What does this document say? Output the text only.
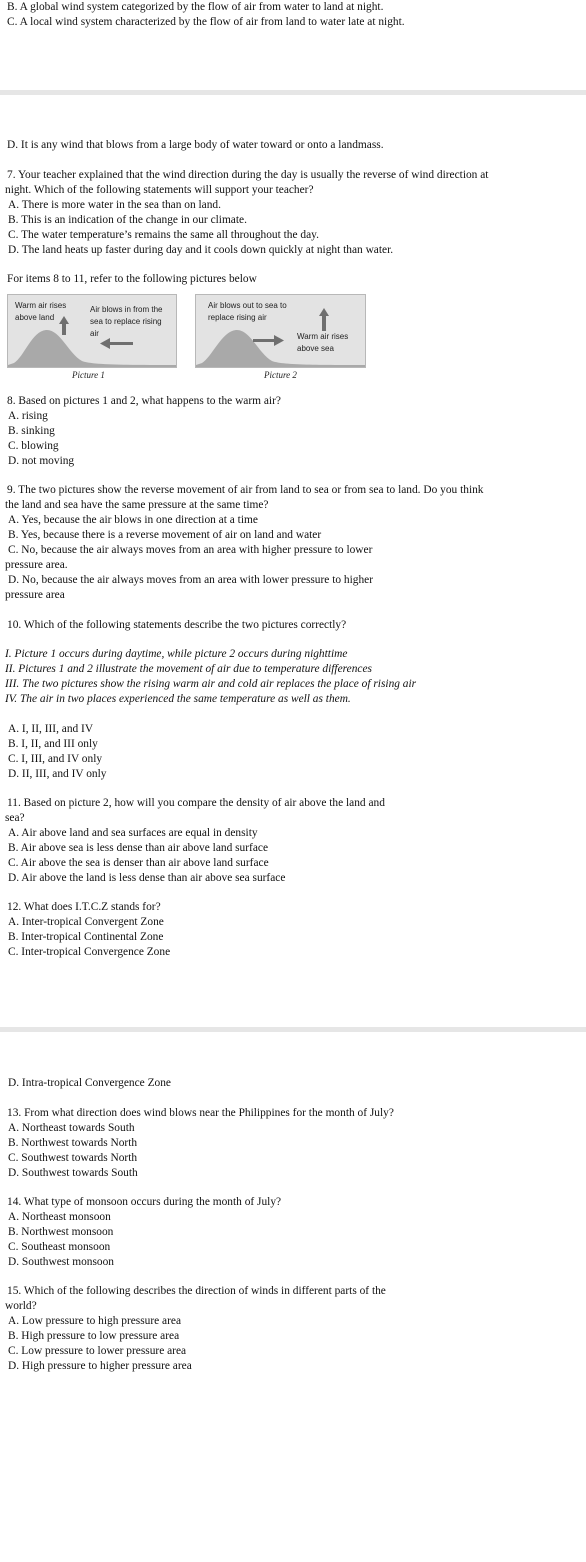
B. A global wind system categorized by the flow of air from water to land at night.
C. A local wind system characterized by the flow of air from land to water late at night.
D. It is any wind that blows from a large body of water toward or onto a landmass.
7. Your teacher explained that the wind direction during the day is usually the reverse of wind direction at
night. Which of the following statements will support your teacher?
A. There is more water in the sea than on land.
B. This is an indication of the change in our climate.
C. The water temperature’s remains the same all throughout the day.
D. The land heats up faster during day and it cools down quickly at night than water.
For items 8 to 11, refer to the following pictures below
Warm air rises above land
Air blows in from the sea to replace rising air
Picture 1
Air blows out to sea to replace rising air
Warm air rises above sea
Picture 2
8. Based on pictures 1 and 2, what happens to the warm air?
A. rising
B. sinking
C. blowing
D. not moving
9. The two pictures show the reverse movement of air from land to sea or from sea to land. Do you think
the land and sea have the same pressure at the same time?
A. Yes, because the air blows in one direction at a time
B. Yes, because there is a reverse movement of air on land and water
C. No, because the air always moves from an area with higher pressure to lower
pressure area.
D. No, because the air always moves from an area with lower pressure to higher
pressure area
10. Which of the following statements describe the two pictures correctly?
I. Picture 1 occurs during daytime, while picture 2 occurs during nighttime
II. Pictures 1 and 2 illustrate the movement of air due to temperature differences
III. The two pictures show the rising warm air and cold air replaces the place of rising air
IV. The air in two places experienced the same temperature as well as them.
A. I, II, III, and IV
B. I, II, and III only
C. I, III, and IV only
D. II, III, and IV only
11. Based on picture 2, how will you compare the density of air above the land and
sea?
A. Air above land and sea surfaces are equal in density
B. Air above sea is less dense than air above land surface
C. Air above the sea is denser than air above land surface
D. Air above the land is less dense than air above sea surface
12. What does I.T.C.Z stands for?
A. Inter-tropical Convergent Zone
B. Inter-tropical Continental Zone
C. Inter-tropical Convergence Zone
D. Intra-tropical Convergence Zone
13. From what direction does wind blows near the Philippines for the month of July?
A. Northeast towards South
B. Northwest towards North
C. Southwest towards North
D. Southwest towards South
14. What type of monsoon occurs during the month of July?
A. Northeast monsoon
B. Northwest monsoon
C. Southeast monsoon
D. Southwest monsoon
15. Which of the following describes the direction of winds in different parts of the
world?
A. Low pressure to high pressure area
B. High pressure to low pressure area
C. Low pressure to lower pressure area
D. High pressure to higher pressure area
